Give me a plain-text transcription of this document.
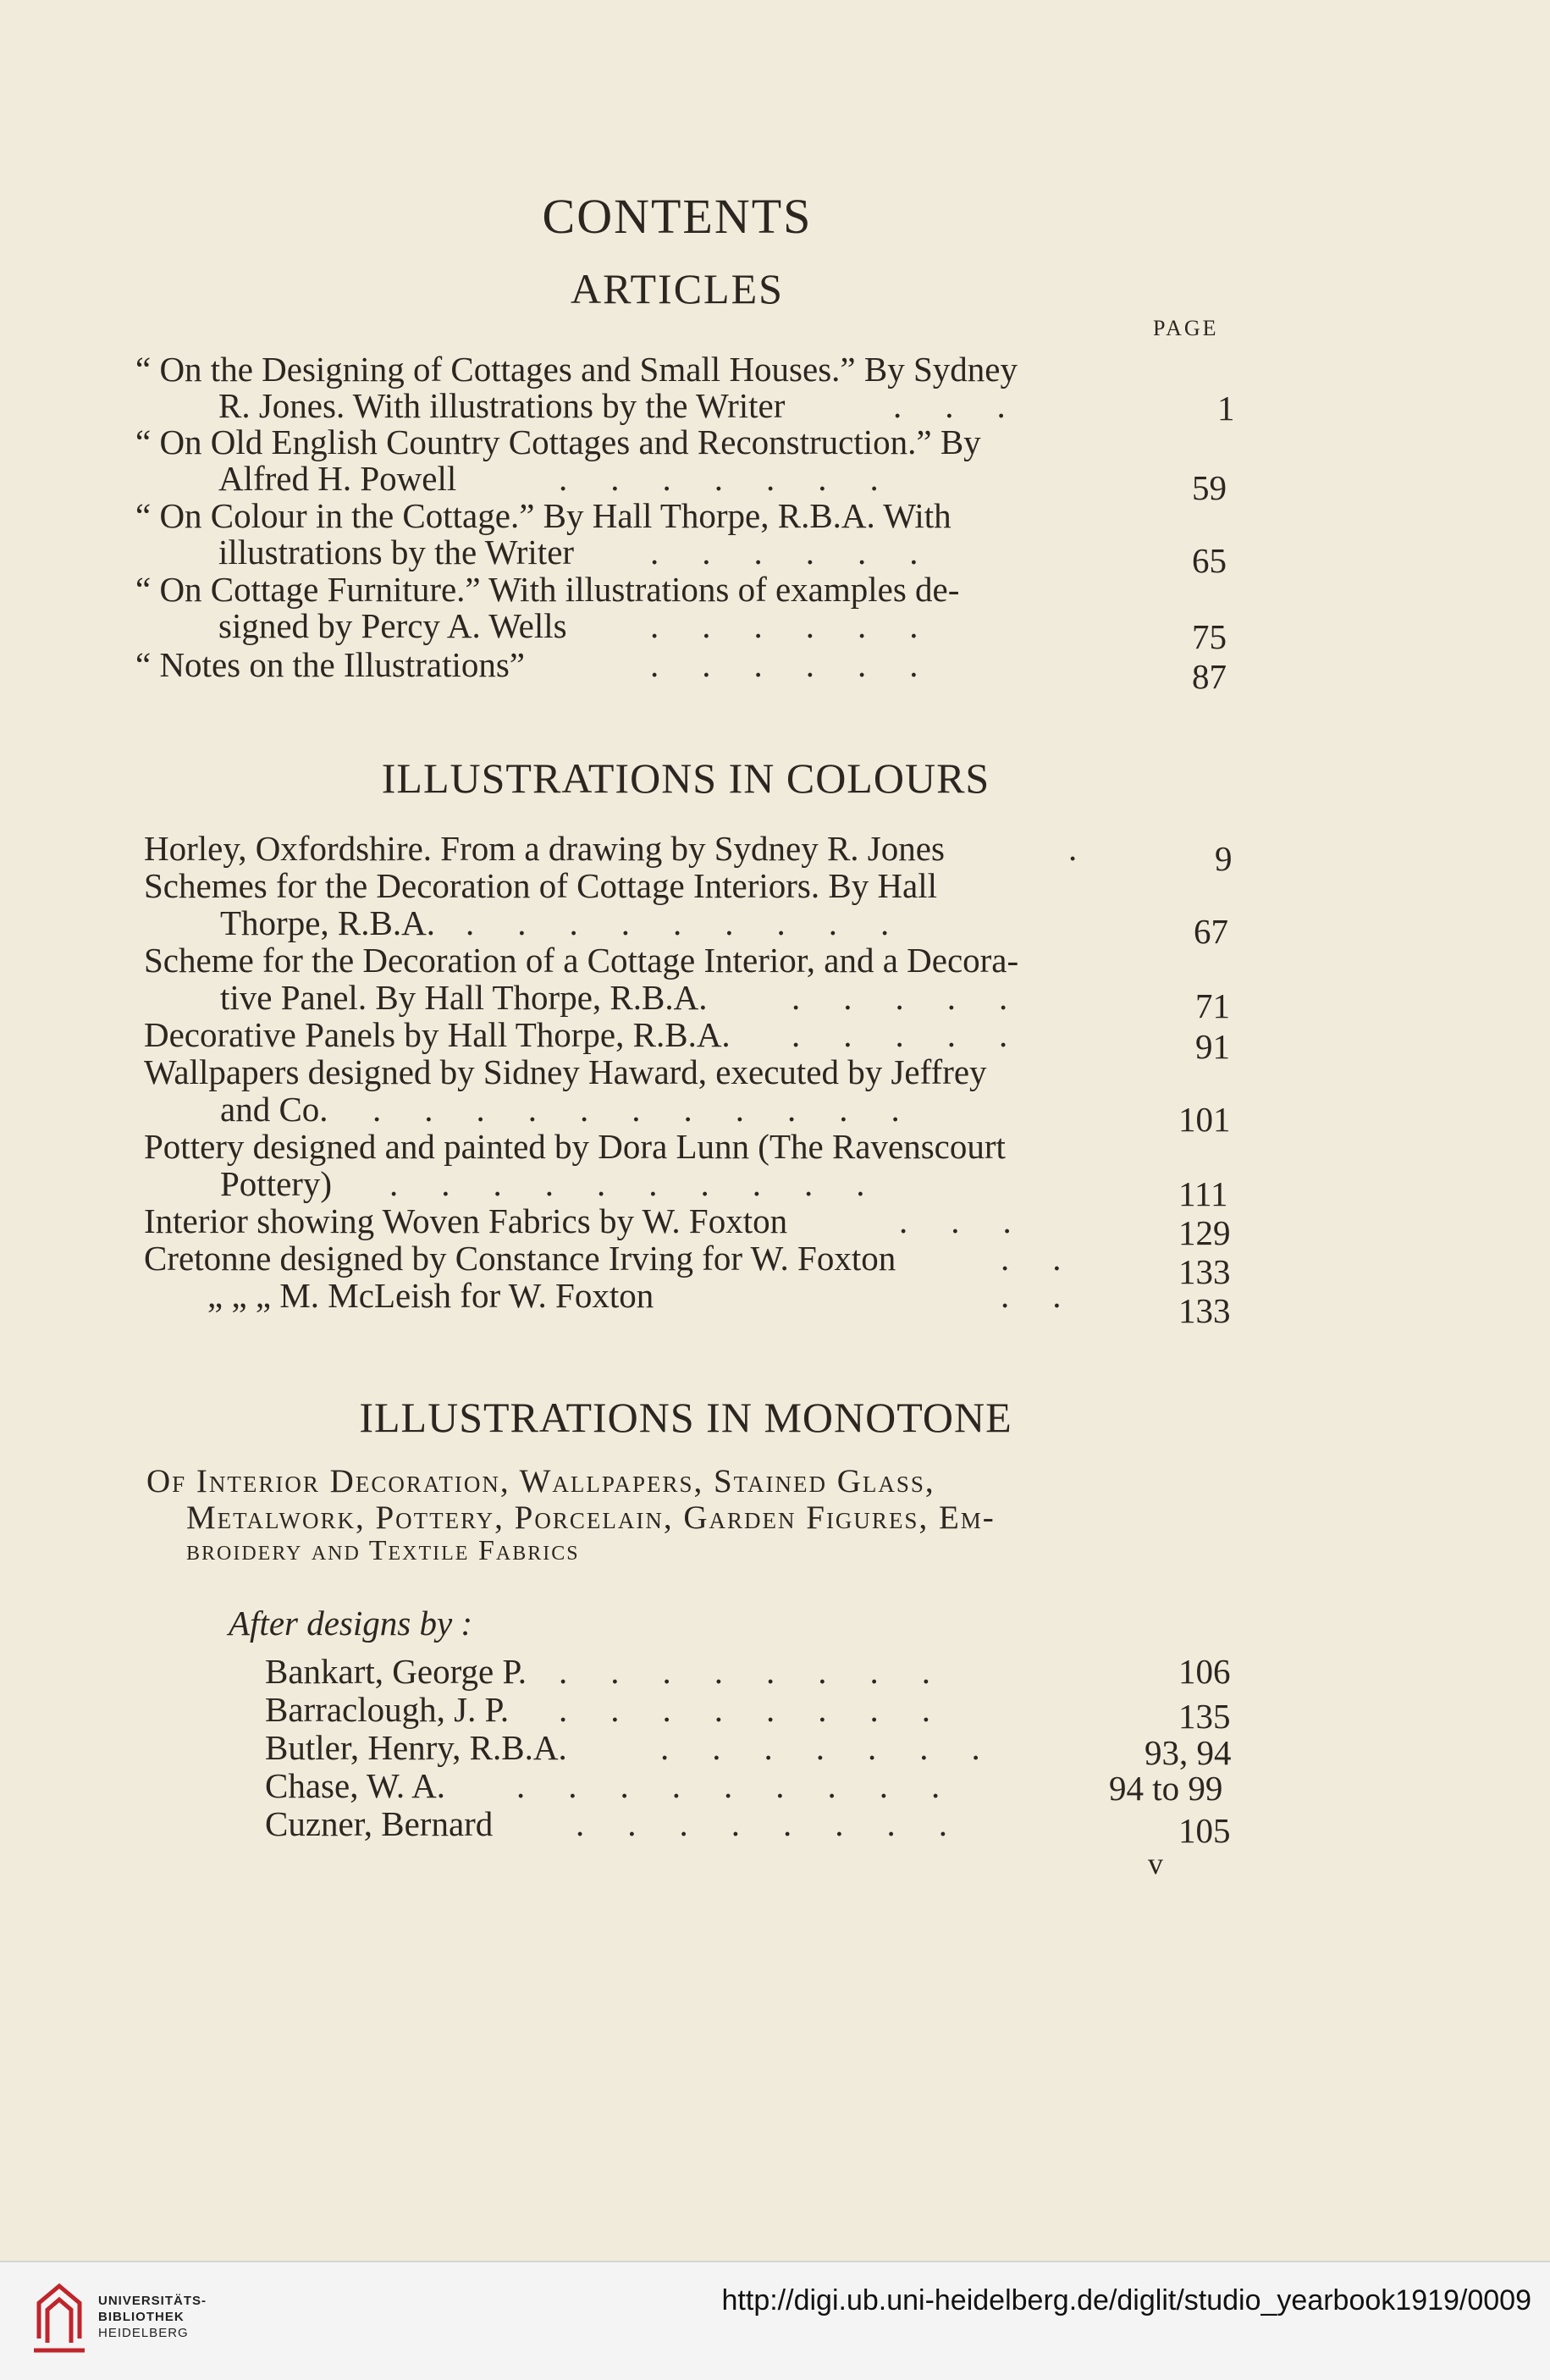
CONTENTS
ARTICLES
PAGE
“ On the Designing of Cottages and Small Houses.” By Sydney
R. Jones. With illustrations by the Writer	.    .    .	1
“ On Old English Country Cottages and Reconstruction.” By
Alfred H. Powell	.    .    .    .    .    .    .	59
“ On Colour in the Cottage.” By Hall Thorpe, R.B.A. With
illustrations by the Writer .    .    .    .    .    .	65
“ On Cottage Furniture.” With illustrations of examples de-
signed by Percy A. Wells .    .    .    .    .    .	75
“ Notes on the Illustrations”	.    .    .    .    .    .	87
ILLUSTRATIONS IN COLOURS
Horley, Oxfordshire. From a drawing by Sydney R. Jones	.	9
Schemes for the Decoration of Cottage Interiors. By Hall
Thorpe, R.B.A. .    .    .    .    .    .    .    .    .	67
Scheme for the Decoration of a Cottage Interior, and a Decora-
tive Panel. By Hall Thorpe, R.B.A. .    .    .    .    .	71
Decorative Panels by Hall Thorpe, R.B.A. .    .    .    .    .	91
Wallpapers designed by Sidney Haward, executed by Jeffrey
and Co. .    .    .    .    .    .    .    .    .    .    .	101
Pottery designed and painted by Dora Lunn (The Ravenscourt
Pottery) .    .    .    .    .    .    .    .    .    .	111
Interior showing Woven Fabrics by W. Foxton	.    .    .	129
Cretonne designed by Constance Irving for W. Foxton	.    .	133
„ „ „ M. McLeish for W. Foxton	.    .	133
ILLUSTRATIONS IN MONOTONE
Of Interior Decoration, Wallpapers, Stained Glass,
Metalwork, Pottery, Porcelain, Garden Figures, Em-
broidery and Textile Fabrics
After designs by :
Bankart, George P. .    .    .    .    .    .    .    .	106
Barraclough, J. P. .    .    .    .    .    .    .    .	135
Butler, Henry, R.B.A.	.    .    .    .    .    .    .	93, 94
Chase, W. A. .    .    .    .    .    .    .    .    .	94 to 99
Cuzner, Bernard .    .    .    .    .    .    .    .	105
v
UNIVERSITÄTS-
BIBLIOTHEK
HEIDELBERG
http://digi.ub.uni-heidelberg.de/diglit/studio_yearbook1919/0009
